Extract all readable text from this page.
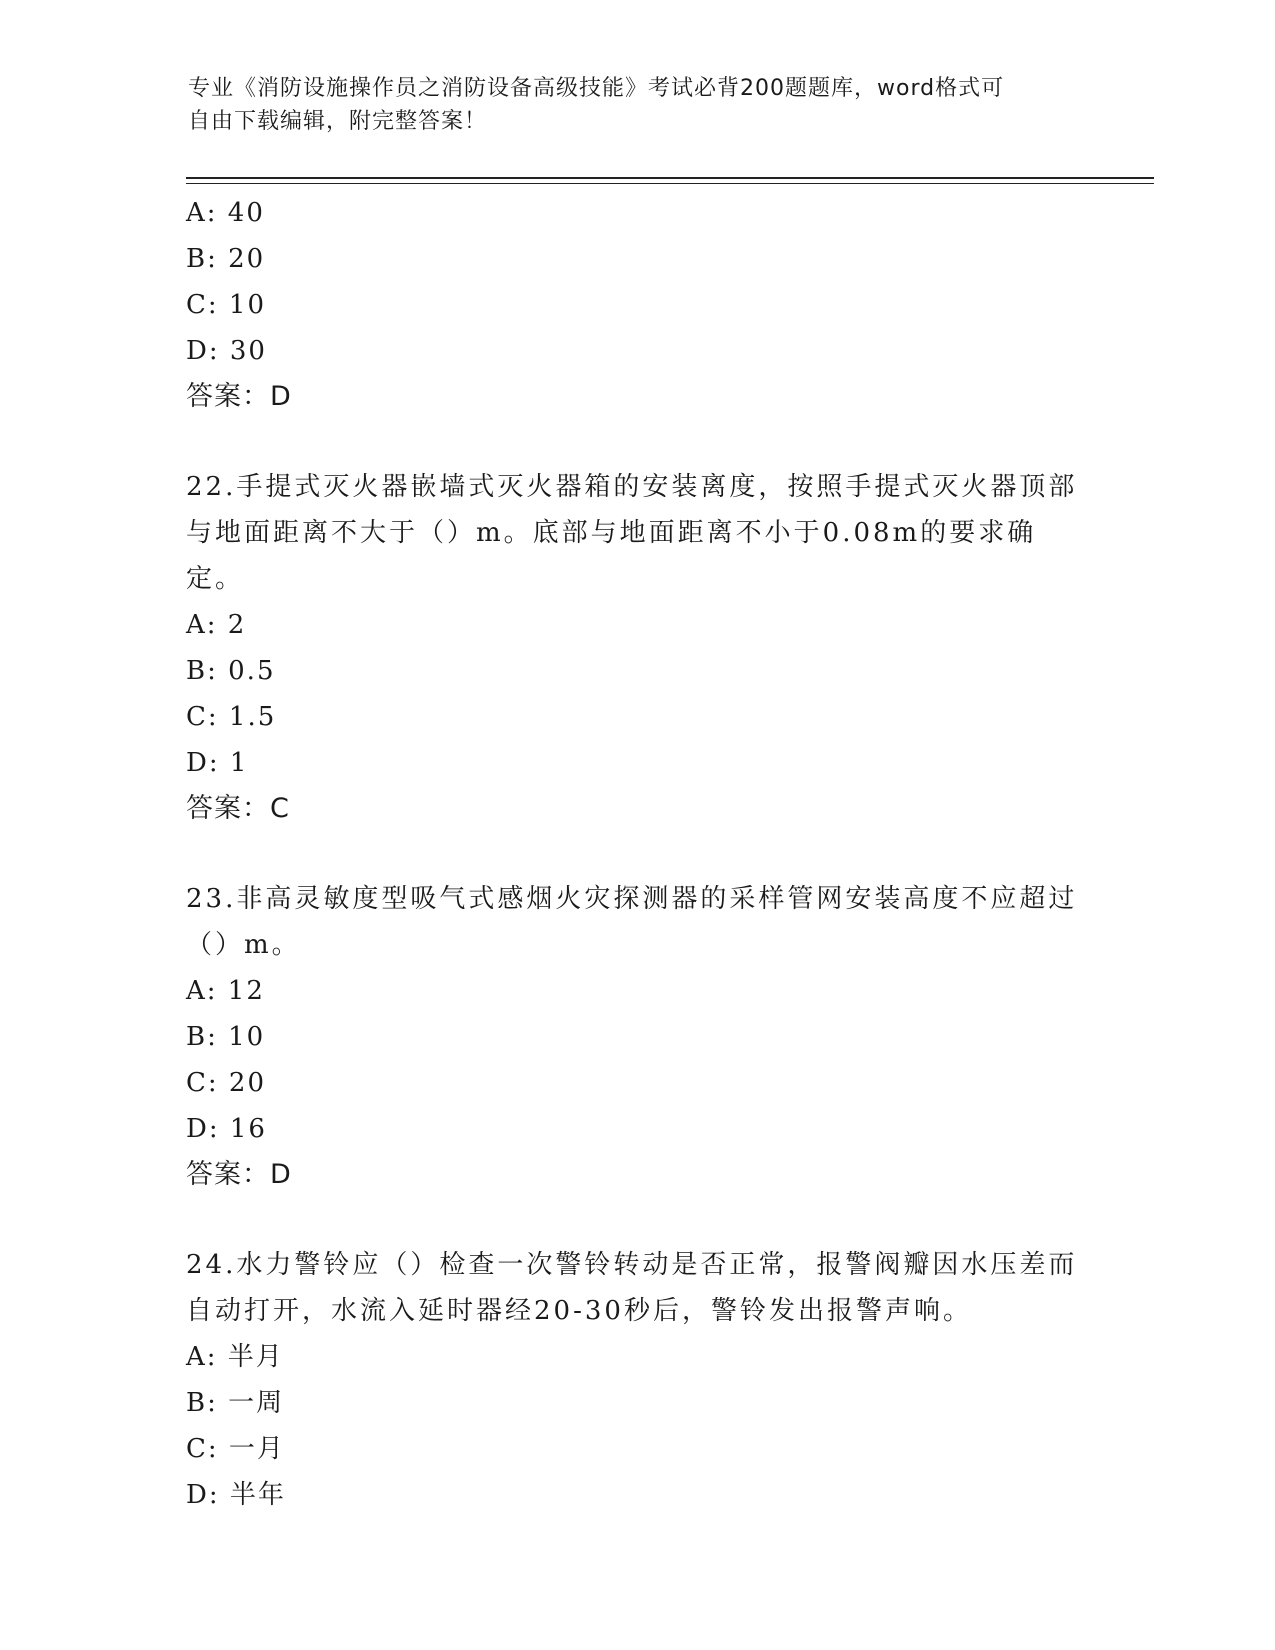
专业《消防设施操作员之消防设备高级技能》考试必背200题题库，word格式可
自由下载编辑，附完整答案！
A: 40
B: 20
C: 10
D: 30
答案：D
22.手提式灭火器嵌墙式灭火器箱的安装离度，按照手提式灭火器顶部
与地面距离不大于（）m。底部与地面距离不小于0.08m的要求确定。
A: 2
B: 0.5
C: 1.5
D: 1
答案：C
23.非高灵敏度型吸气式感烟火灾探测器的采样管网安装高度不应超过
（）m。
A: 12
B: 10
C: 20
D: 16
答案：D
24.水力警铃应（）检查一次警铃转动是否正常，报警阀瓣因水压差而
自动打开，水流入延时器经20-30秒后，警铃发出报警声响。
A: 半月
B: 一周
C: 一月
D: 半年
